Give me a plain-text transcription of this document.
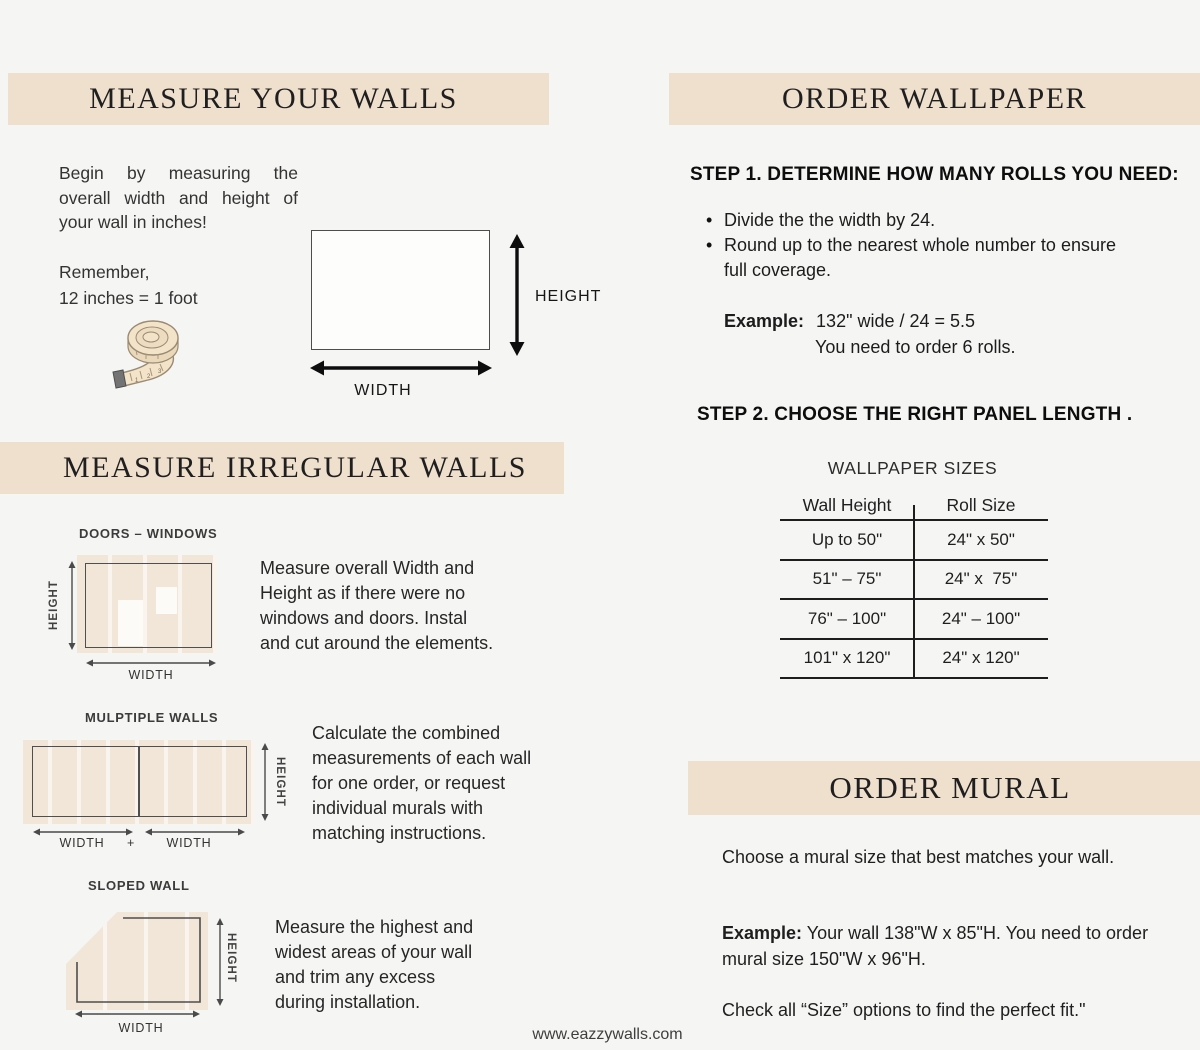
MEASURE YOUR WALLS
Begin by measuring the overall width and height of your wall in inches!
Remember,
12 inches = 1 foot
1
2
3
HEIGHT
WIDTH
MEASURE IRREGULAR WALLS
DOORS – WINDOWS
HEIGHT
WIDTH
Measure overall Width and Height as if there were no windows and doors. Instal and cut around the elements.
MULPTIPLE WALLS
HEIGHT
WIDTH	+	WIDTH
Calculate the combined measurements of each wall for one order, or request individual murals with matching instructions.
SLOPED WALL
HEIGHT
WIDTH
Measure the highest and widest areas of your wall and trim any excess during installation.
ORDER WALLPAPER
STEP 1. DETERMINE HOW MANY ROLLS YOU NEED:
• Divide the the width by 24.
• Round up to the nearest whole number to ensure full coverage.
Example: 132" wide / 24 = 5.5
You need to order 6 rolls.
STEP 2. CHOOSE THE RIGHT PANEL LENGTH .
WALLPAPER SIZES
Wall Height	Roll Size
Up to 50"	24" x 50"
51" – 75"	24" x  75"
76" – 100"	24" – 100"
101" x 120"	24" x 120"
ORDER MURAL
Choose a mural size that best matches your wall.
Example: Your wall 138"W x 85"H. You need to order mural size 150"W x 96"H.
Check all “Size” options to find the perfect fit."
www.eazzywalls.com
